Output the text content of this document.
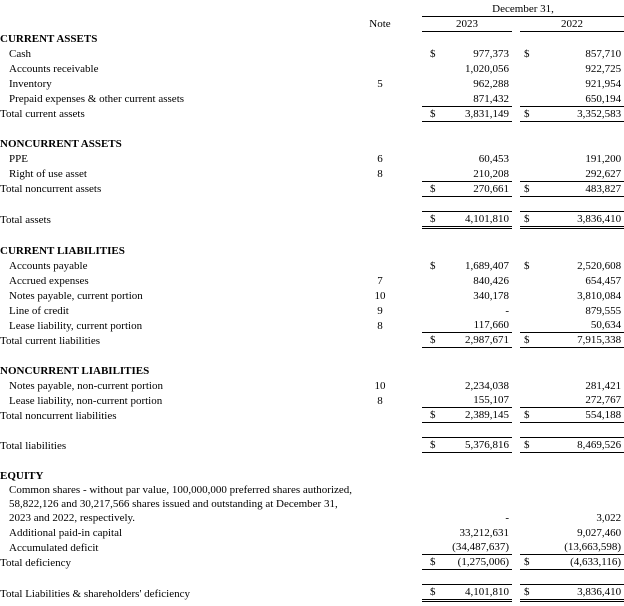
			December 31,				
	Note		2023			2022	
CURRENT ASSETS							
Cash			$	977,373		$	857,710
Accounts receivable				1,020,056			922,725
Inventory	5			962,288			921,954
Prepaid expenses & other current assets				871,432			650,194
Total current assets			$	3,831,149		$	3,352,583

NONCURRENT ASSETS							
PPE	6			60,453			191,200
Right of use asset	8			210,208			292,627
Total noncurrent assets			$	270,661		$	483,827

Total assets			$	4,101,810		$	3,836,410

CURRENT LIABILITIES							
Accounts payable			$	1,689,407		$	2,520,608
Accrued expenses	7			840,426			654,457
Notes payable, current portion	10			340,178			3,810,084
Line of credit	9			-			879,555
Lease liability, current portion	8			117,660			50,634
Total current liabilities			$	2,987,671		$	7,915,338

NONCURRENT LIABILITIES							
Notes payable, non-current portion	10			2,234,038			281,421
Lease liability, non-current portion	8			155,107			272,767
Total noncurrent liabilities			$	2,389,145		$	554,188

Total liabilities			$	5,376,816		$	8,469,526

EQUITY							
Common shares - without par value, 100,000,000 preferred shares authorized, 58,822,126 and 30,217,566 shares issued and outstanding at December 31, 2023 and 2022, respectively.				-			3,022
Additional paid-in capital				33,212,631			9,027,460
Accumulated deficit				(34,487,637)			(13,663,598)
Total deficiency			$	(1,275,006)		$	(4,633,116)

Total Liabilities & shareholders' deficiency			$	4,101,810		$	3,836,410
